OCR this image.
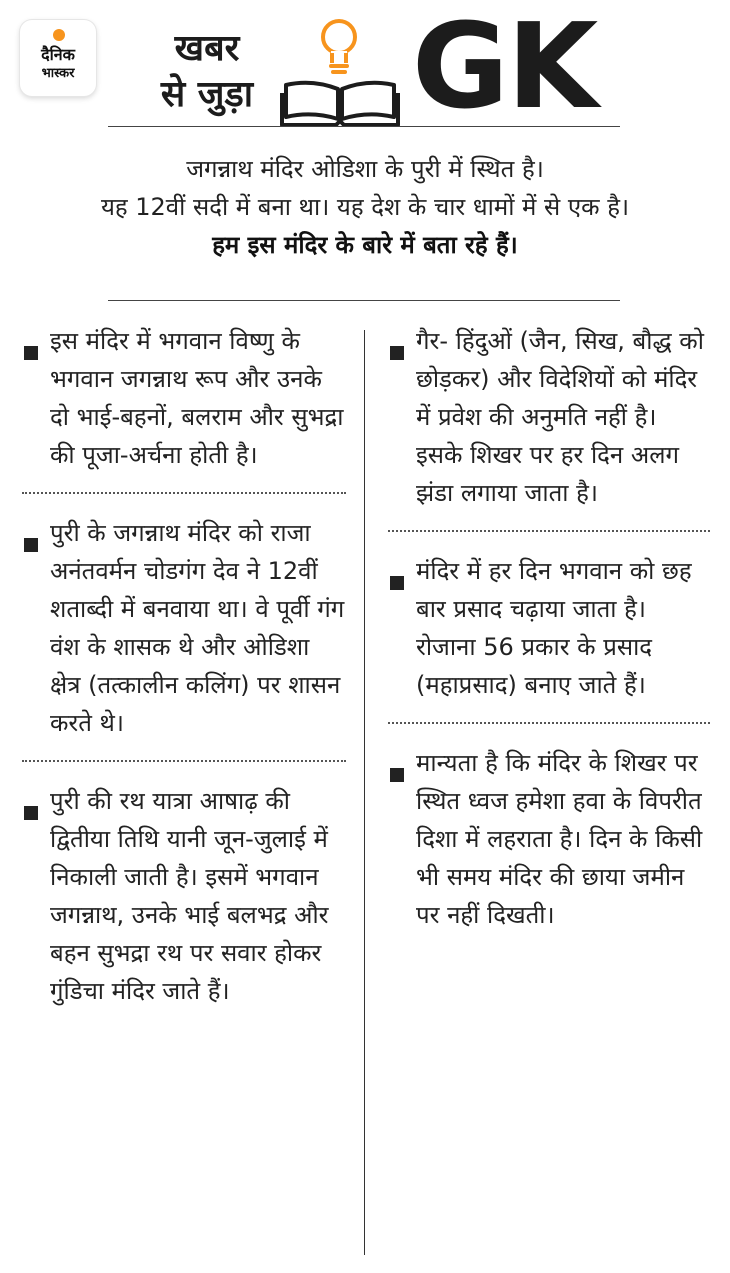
दैनिक
भास्कर
खबर
से जुड़ा GK
जगन्नाथ मंदिर ओडिशा के पुरी में स्थित है।
यह 12वीं सदी में बना था। यह देश के चार धामों में से एक है।
हम इस मंदिर के बारे में बता रहे हैं।
इस मंदिर में भगवान विष्णु के भगवान जगन्नाथ रूप और उनके दो भाई-बहनों, बलराम और सुभद्रा की पूजा-अर्चना होती है।
पुरी के जगन्नाथ मंदिर को राजा अनंतवर्मन चोडगंग देव ने 12वीं शताब्दी में बनवाया था। वे पूर्वी गंग वंश के शासक थे और ओडिशा क्षेत्र (तत्कालीन कलिंग) पर शासन करते थे।
पुरी की रथ यात्रा आषाढ़ की द्वितीया तिथि यानी जून-जुलाई में निकाली जाती है। इसमें भगवान जगन्नाथ, उनके भाई बलभद्र और बहन सुभद्रा रथ पर सवार होकर गुंडिचा मंदिर जाते हैं।
गैर- हिंदुओं (जैन, सिख, बौद्ध को छोड़कर) और विदेशियों को मंदिर में प्रवेश की अनुमति नहीं है। इसके शिखर पर हर दिन अलग झंडा लगाया जाता है।
मंदिर में हर दिन भगवान को छह बार प्रसाद चढ़ाया जाता है। रोजाना 56 प्रकार के प्रसाद (महाप्रसाद) बनाए जाते हैं।
मान्यता है कि मंदिर के शिखर पर स्थित ध्वज हमेशा हवा के विपरीत दिशा में लहराता है। दिन के किसी भी समय मंदिर की छाया जमीन पर नहीं दिखती।
